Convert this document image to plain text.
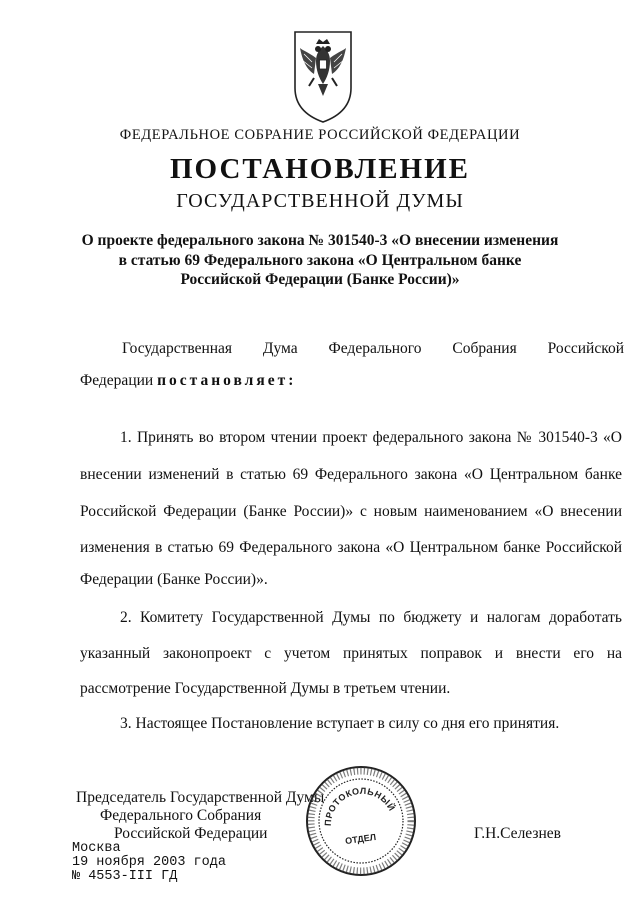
ФЕДЕРАЛЬНОЕ СОБРАНИЕ РОССИЙСКОЙ ФЕДЕРАЦИИ
ПОСТАНОВЛЕНИЕ
ГОСУДАРСТВЕННОЙ ДУМЫ
О проекте федерального закона № 301540-3 «О внесении изменения
в статью 69 Федерального закона «О Центральном банке
Российской Федерации (Банке России)»
Государственная Дума Федерального Собрания Российской
Федерации постановляет:
1. Принять во втором чтении проект федерального закона № 301540-3 «О
внесении изменений в статью 69 Федерального закона «О Центральном банке
Российской Федерации (Банке России)» с новым наименованием «О внесении
изменения в статью 69 Федерального закона «О Центральном банке Российской
Федерации (Банке России)».
2. Комитету Государственной Думы по бюджету и налогам доработать
указанный законопроект с учетом принятых поправок и внести его на
рассмотрение Государственной Думы в третьем чтении.
3. Настоящее Постановление вступает в силу со дня его принятия.
Председатель Государственной Думы
Федерального Собрания
Российской Федерации	Г.Н.Селезнев
Москва
19 ноября 2003 года
№ 4553-III ГД
ПРОТОКОЛЬНЫЙ
ОТДЕЛ
